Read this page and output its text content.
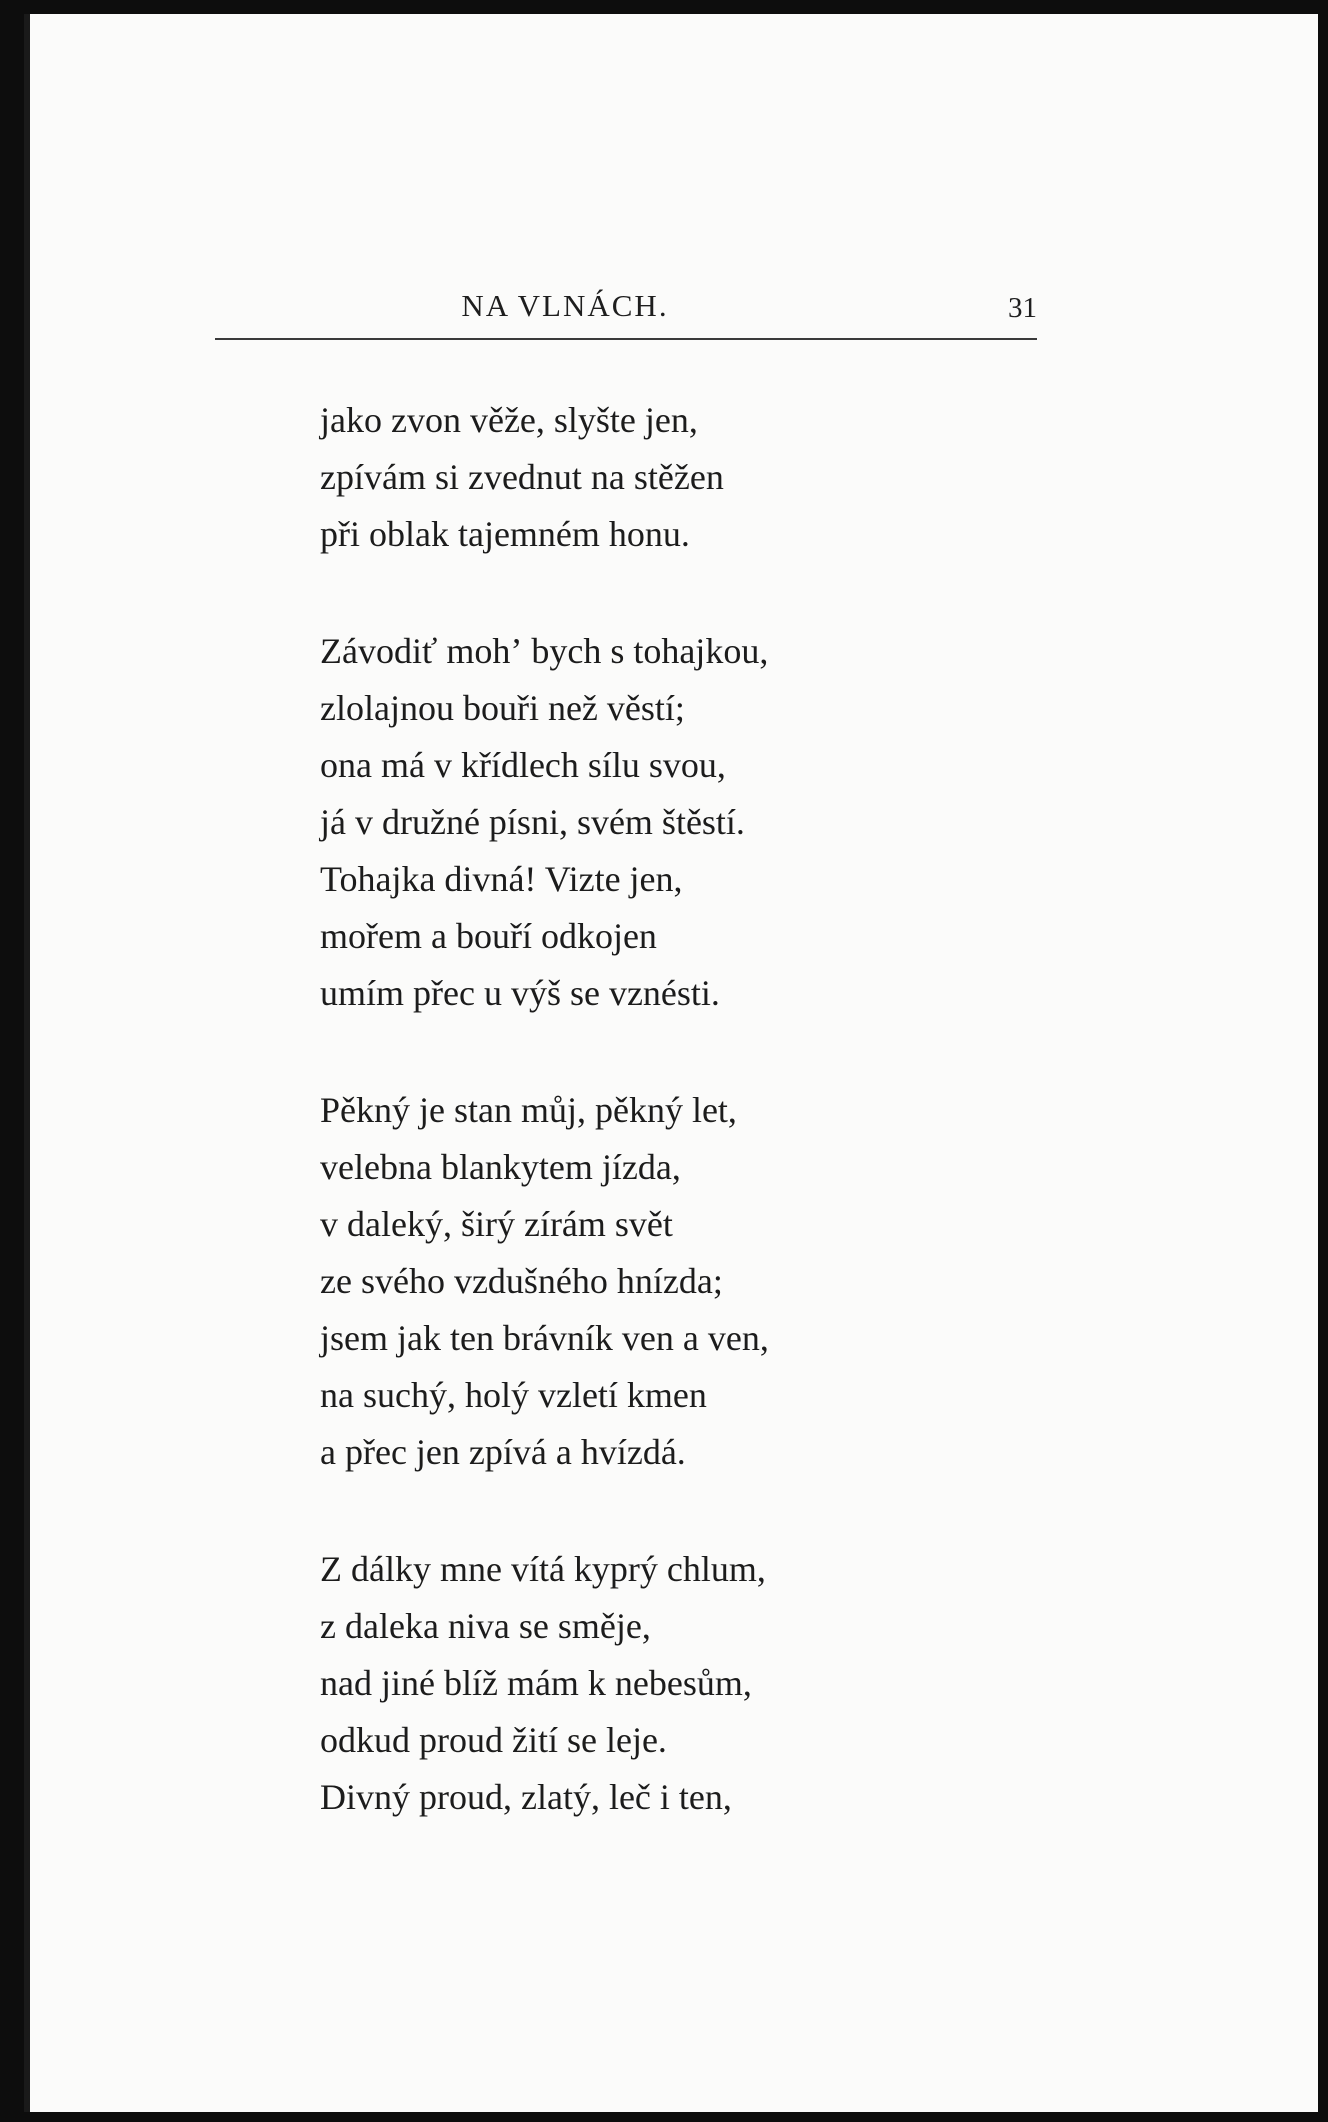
NA VLNÁCH.	31
jako zvon věže, slyšte jen,
zpívám si zvednut na stěžen
při oblak tajemném honu.
Závodiť mohʼ bych s tohajkou,
zlolajnou bouři než věstí;
ona má v křídlech sílu svou,
já v družné písni, svém štěstí.
Tohajka divná! Vizte jen,
mořem a bouří odkojen
umím přec u výš se vznésti.
Pěkný je stan můj, pěkný let,
velebna blankytem jízda,
v daleký, širý zírám svět
ze svého vzdušného hnízda;
jsem jak ten brávník ven a ven,
na suchý, holý vzletí kmen
a přec jen zpívá a hvízdá.
Z dálky mne vítá kyprý chlum,
z daleka niva se směje,
nad jiné blíž mám k nebesům,
odkud proud žití se leje.
Divný proud, zlatý, leč i ten,
